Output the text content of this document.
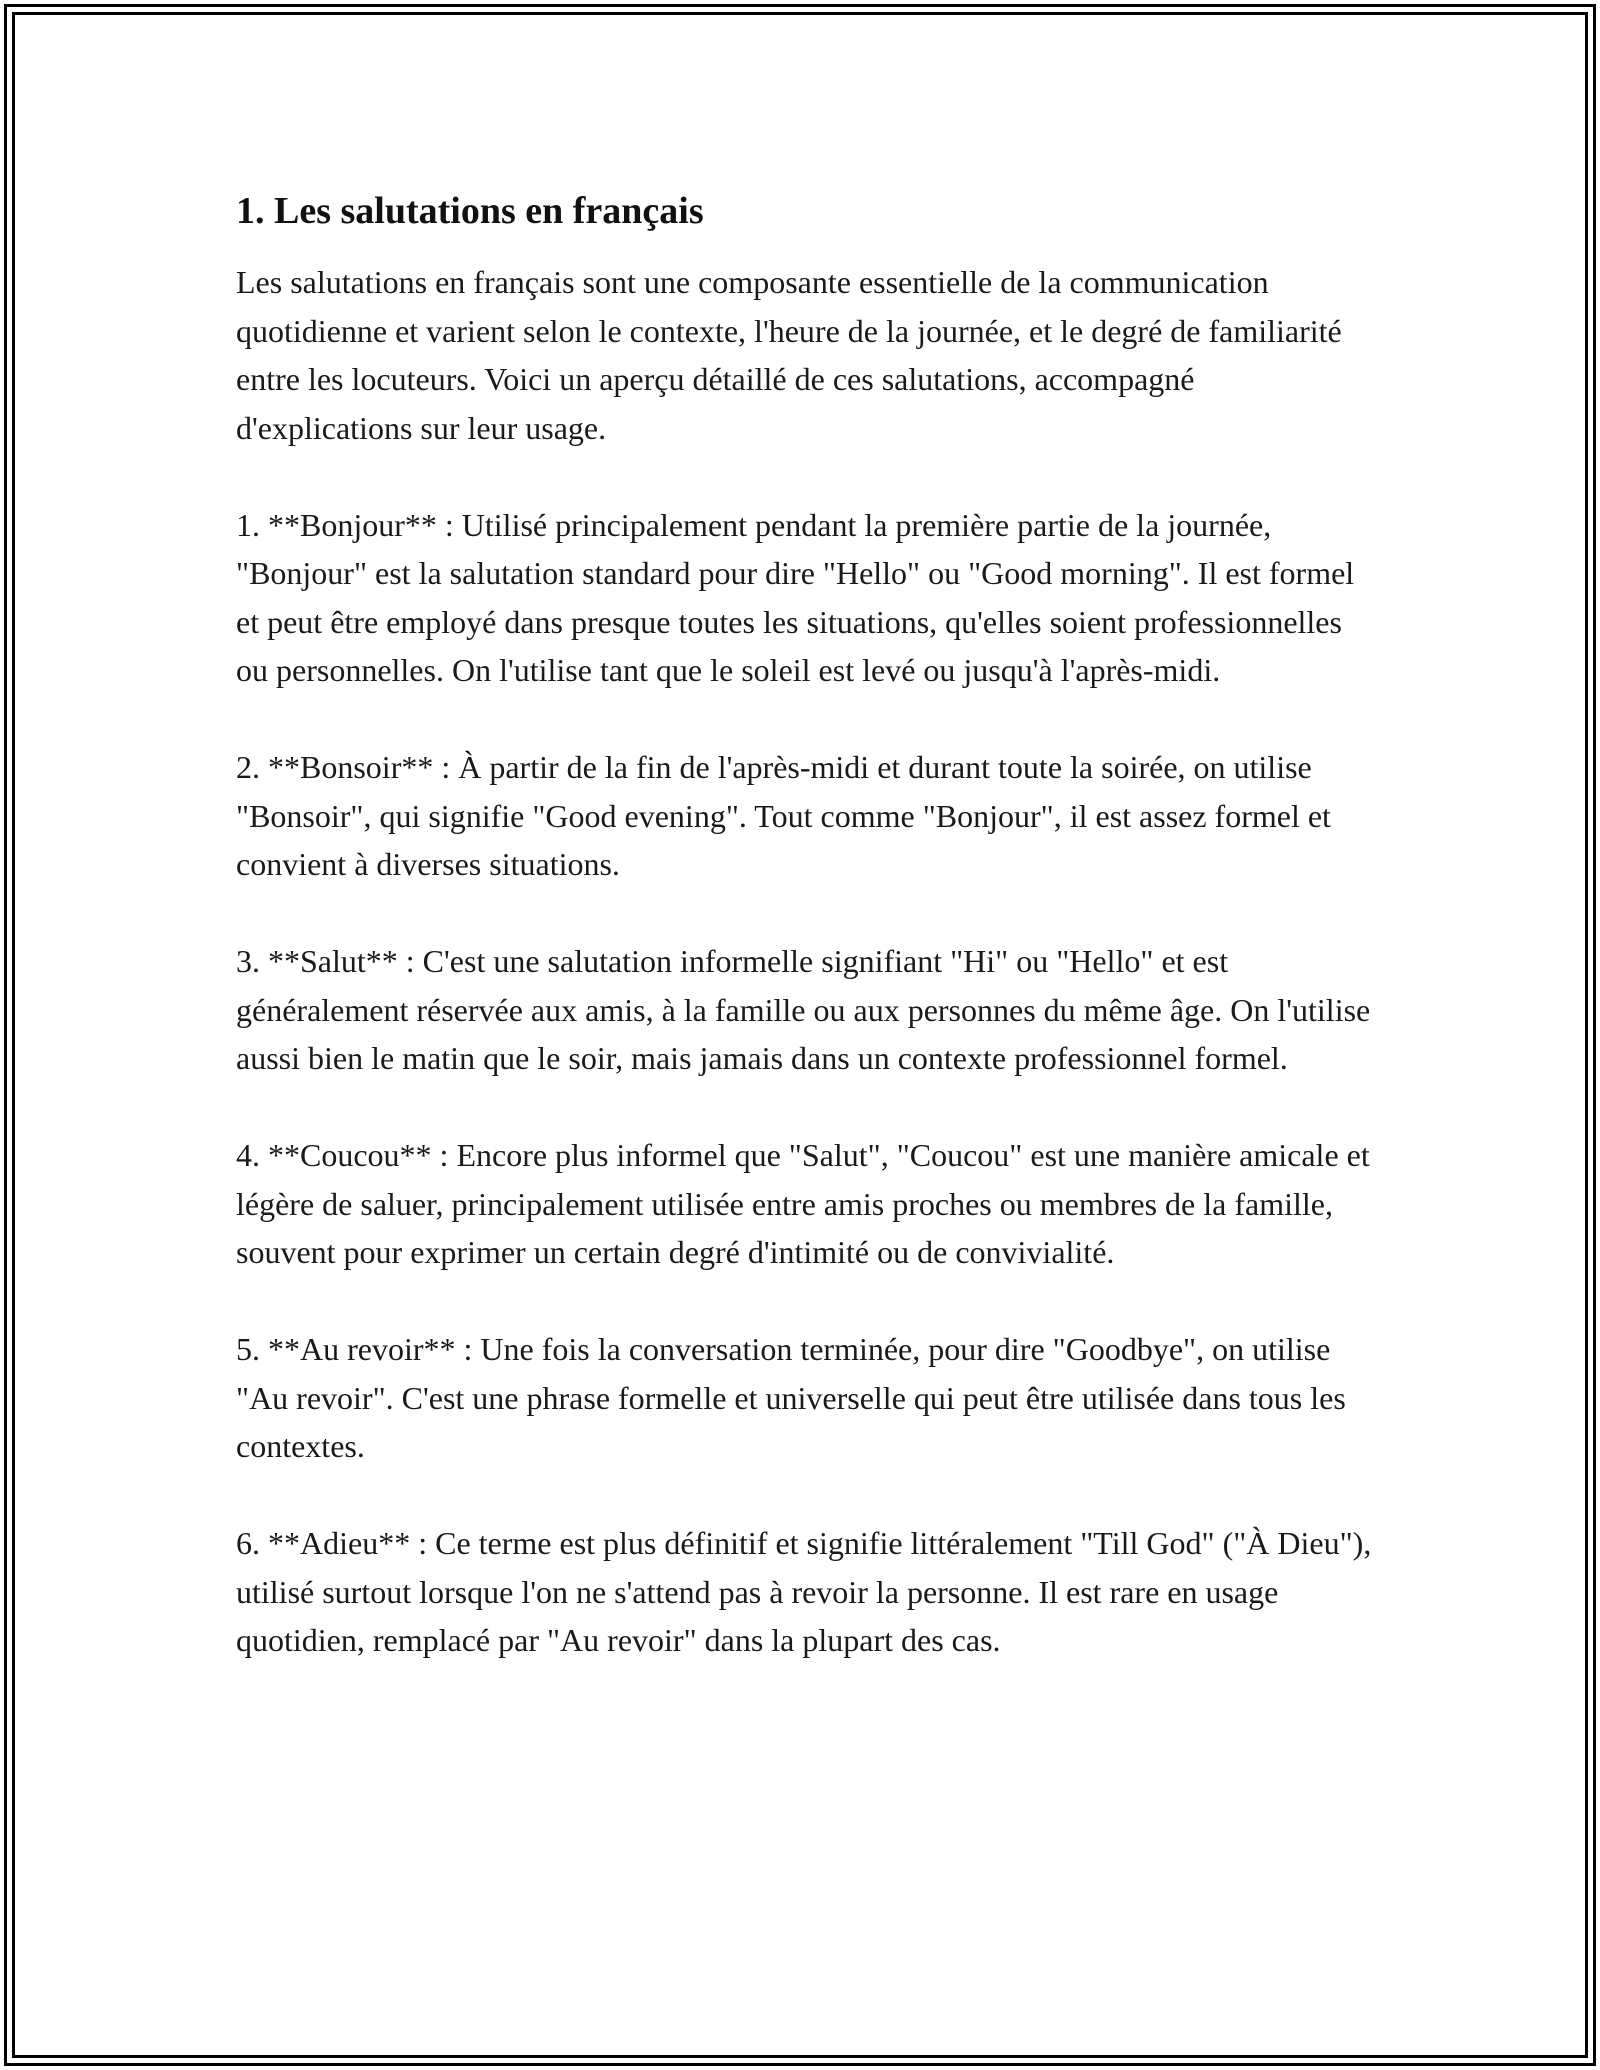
1. Les salutations en français

Les salutations en français sont une composante essentielle de la communication quotidienne et varient selon le contexte, l'heure de la journée, et le degré de familiarité entre les locuteurs. Voici un aperçu détaillé de ces salutations, accompagné d'explications sur leur usage.

1. **Bonjour** : Utilisé principalement pendant la première partie de la journée, "Bonjour" est la salutation standard pour dire "Hello" ou "Good morning". Il est formel et peut être employé dans presque toutes les situations, qu'elles soient professionnelles ou personnelles. On l'utilise tant que le soleil est levé ou jusqu'à l'après-midi.

2. **Bonsoir** : À partir de la fin de l'après-midi et durant toute la soirée, on utilise "Bonsoir", qui signifie "Good evening". Tout comme "Bonjour", il est assez formel et convient à diverses situations.

3. **Salut** : C'est une salutation informelle signifiant "Hi" ou "Hello" et est généralement réservée aux amis, à la famille ou aux personnes du même âge. On l'utilise aussi bien le matin que le soir, mais jamais dans un contexte professionnel formel.

4. **Coucou** : Encore plus informel que "Salut", "Coucou" est une manière amicale et légère de saluer, principalement utilisée entre amis proches ou membres de la famille, souvent pour exprimer un certain degré d'intimité ou de convivialité.

5. **Au revoir** : Une fois la conversation terminée, pour dire "Goodbye", on utilise "Au revoir". C'est une phrase formelle et universelle qui peut être utilisée dans tous les contextes.

6. **Adieu** : Ce terme est plus définitif et signifie littéralement "Till God" ("À Dieu"), utilisé surtout lorsque l'on ne s'attend pas à revoir la personne. Il est rare en usage quotidien, remplacé par "Au revoir" dans la plupart des cas.
